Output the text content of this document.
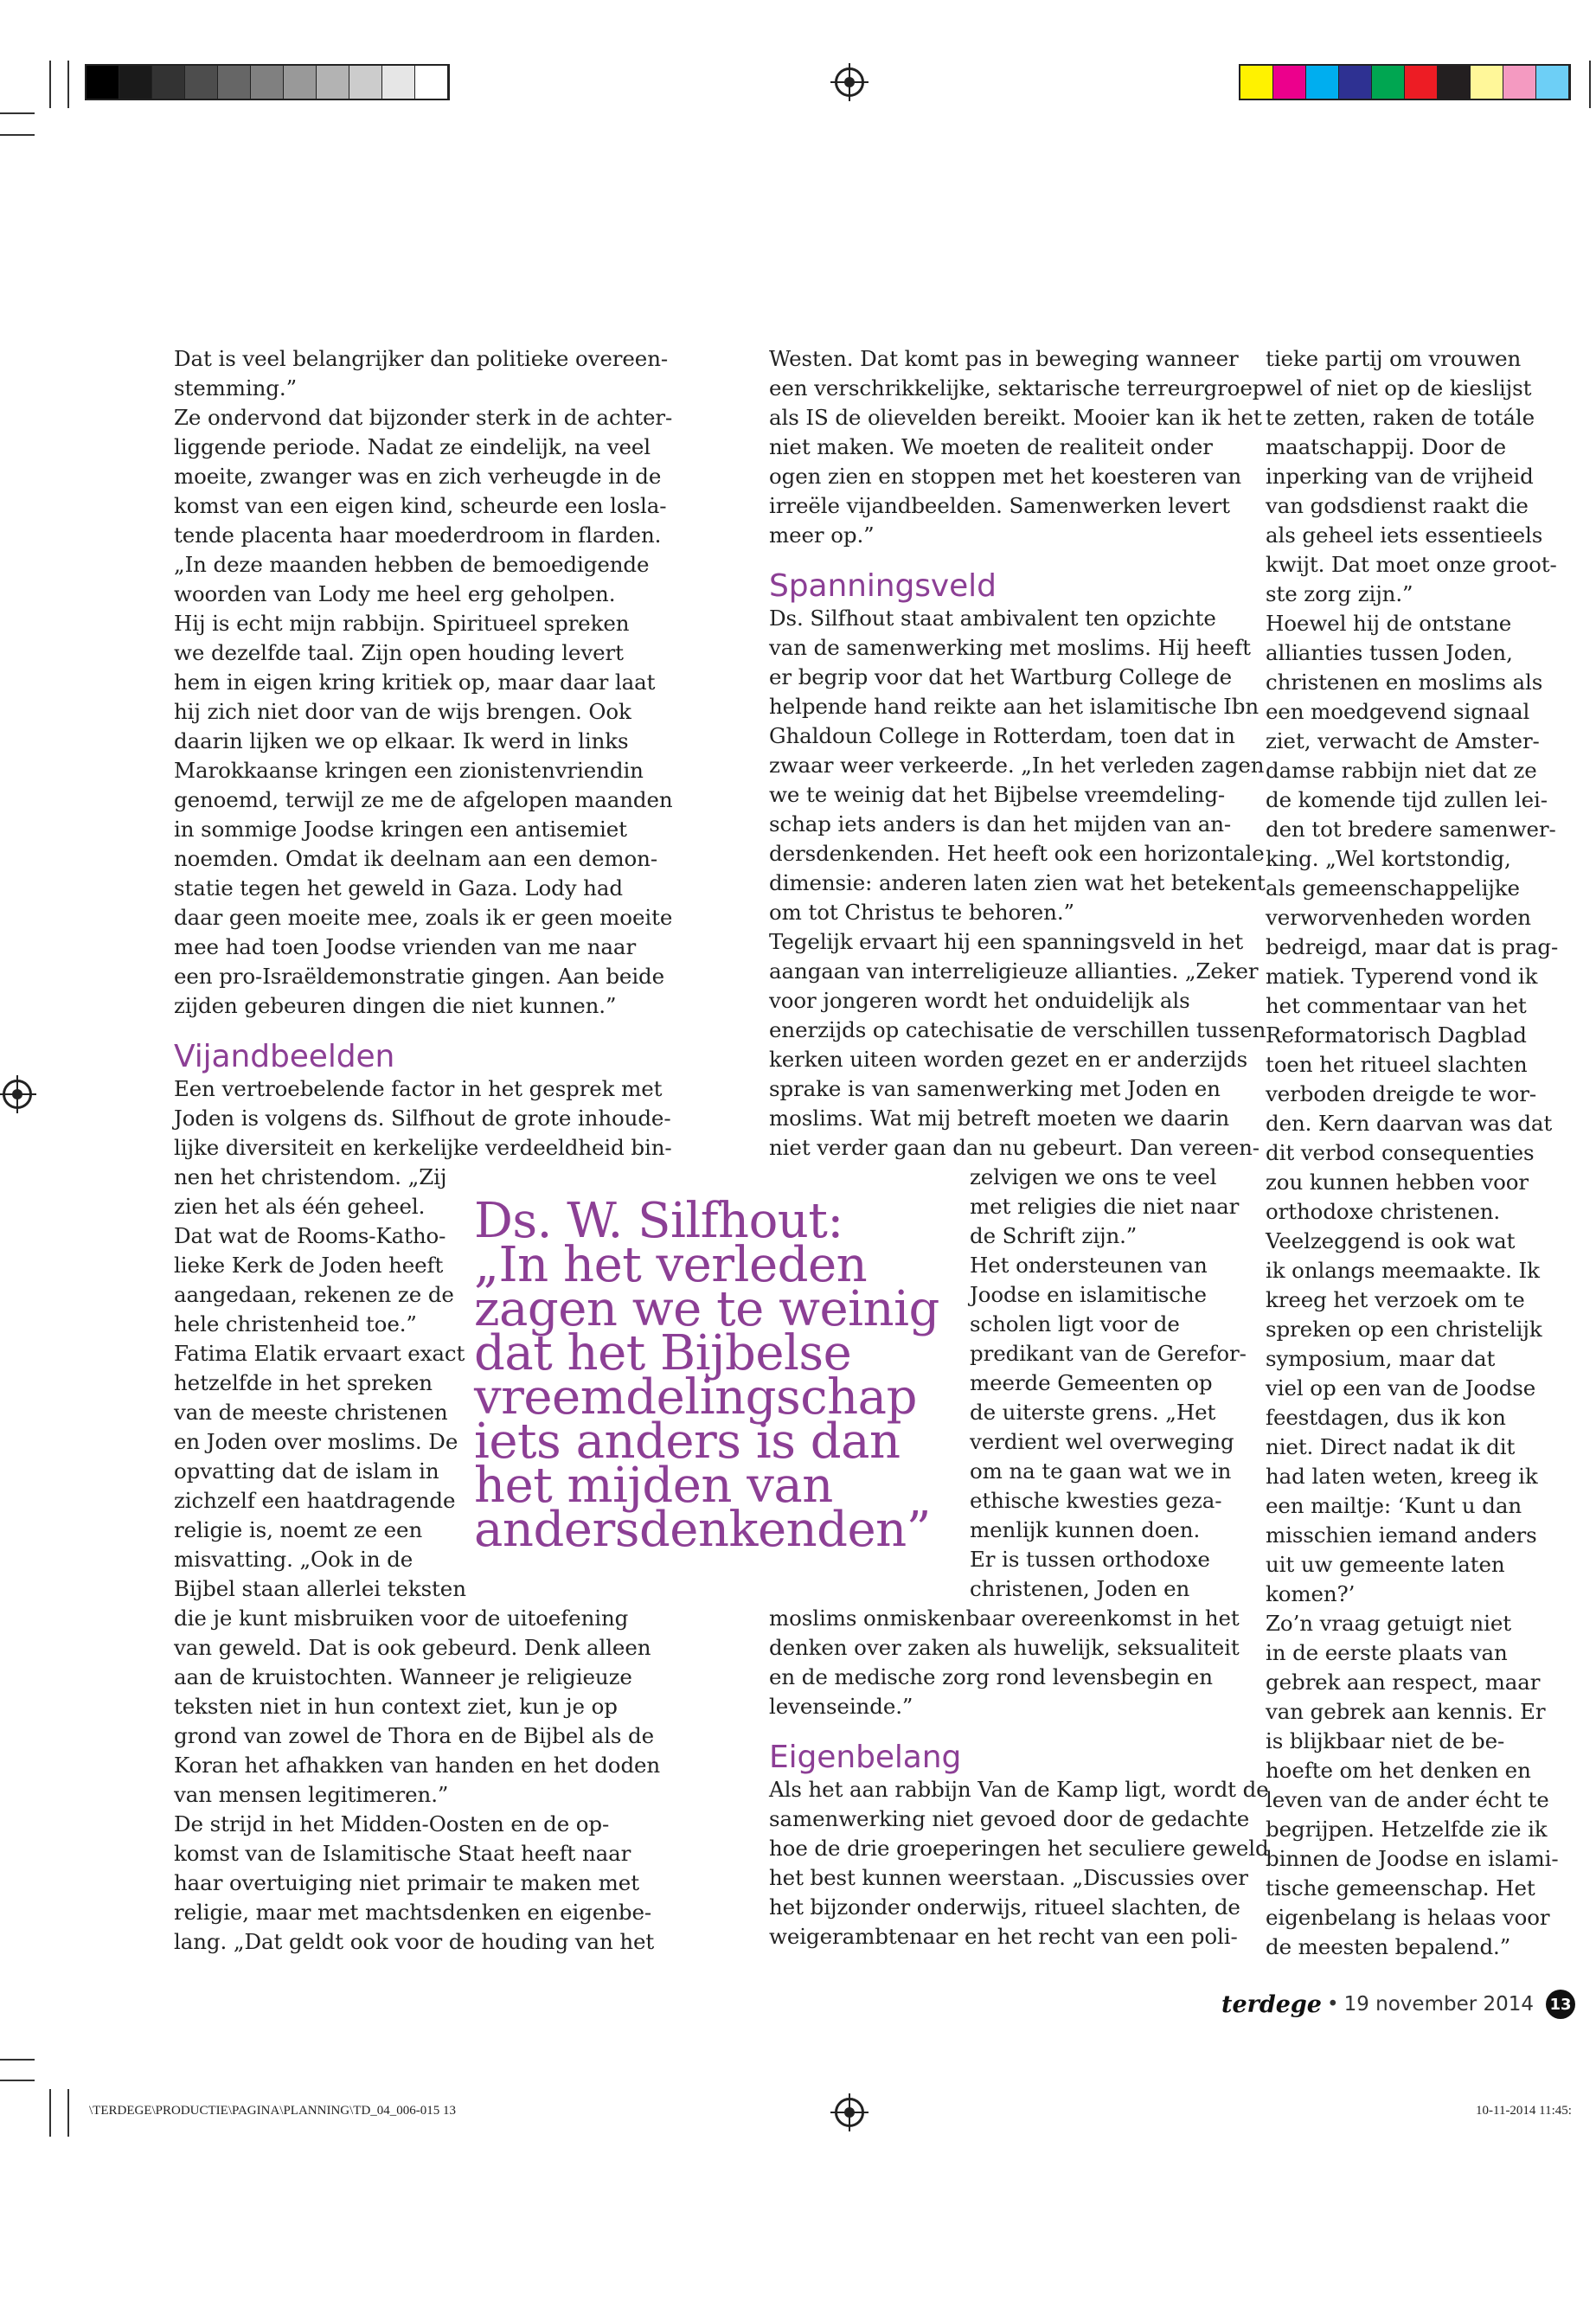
Dat is veel belangrijker dan politieke overeen-

stemming.”

Ze ondervond dat bijzonder sterk in de achter-

liggende periode. Nadat ze eindelijk, na veel

moeite, zwanger was en zich verheugde in de

komst van een eigen kind, scheurde een losla-

tende placenta haar moederdroom in flarden.

„In deze maanden hebben de bemoedigende

woorden van Lody me heel erg geholpen.

Hij is echt mijn rabbijn. Spiritueel spreken

we dezelfde taal. Zijn open houding levert

hem in eigen kring kritiek op, maar daar laat

hij zich niet door van de wijs brengen. Ook

daarin lijken we op elkaar. Ik werd in links

Marokkaanse kringen een zionistenvriendin

genoemd, terwijl ze me de afgelopen maanden

in sommige Joodse kringen een antisemiet

noemden. Omdat ik deelnam aan een demon-

statie tegen het geweld in Gaza. Lody had

daar geen moeite mee, zoals ik er geen moeite

mee had toen Joodse vrienden van me naar

een pro-Israëldemonstratie gingen. Aan beide

zijden gebeuren dingen die niet kunnen.”

Vijandbeelden

Een vertroebelende factor in het gesprek met

Joden is volgens ds. Silfhout de grote inhoude-

lijke diversiteit en kerkelijke verdeeldheid bin-

nen het christendom. „Zij

zien het als één geheel.

Dat wat de Rooms-Katho-

lieke Kerk de Joden heeft

aangedaan, rekenen ze de

hele christenheid toe.”

Fatima Elatik ervaart exact

hetzelfde in het spreken

van de meeste christenen

en Joden over moslims. De

opvatting dat de islam in

zichzelf een haatdragende

religie is, noemt ze een

misvatting. „Ook in de

Bijbel staan allerlei teksten

die je kunt misbruiken voor de uitoefening

van geweld. Dat is ook gebeurd. Denk alleen

aan de kruistochten. Wanneer je religieuze

teksten niet in hun context ziet, kun je op

grond van zowel de Thora en de Bijbel als de

Koran het afhakken van handen en het doden

van mensen legitimeren.”

De strijd in het Midden-Oosten en de op-

komst van de Islamitische Staat heeft naar

haar overtuiging niet primair te maken met

religie, maar met machtsdenken en eigenbe-

lang. „Dat geldt ook voor de houding van het

Westen. Dat komt pas in beweging wanneer

een verschrikkelijke, sektarische terreurgroep

als IS de olievelden bereikt. Mooier kan ik het

niet maken. We moeten de realiteit onder

ogen zien en stoppen met het koesteren van

irreële vijandbeelden. Samenwerken levert

meer op.”

Spanningsveld

Ds. Silfhout staat ambivalent ten opzichte

van de samenwerking met moslims. Hij heeft

er begrip voor dat het Wartburg College de

helpende hand reikte aan het islamitische Ibn

Ghaldoun College in Rotterdam, toen dat in

zwaar weer verkeerde. „In het verleden zagen

we te weinig dat het Bijbelse vreemdeling-

schap iets anders is dan het mijden van an-

dersdenkenden. Het heeft ook een horizontale

dimensie: anderen laten zien wat het betekent

om tot Christus te behoren.”

Tegelijk ervaart hij een spanningsveld in het

aangaan van interreligieuze allianties. „Zeker

voor jongeren wordt het onduidelijk als

enerzijds op catechisatie de verschillen tussen

kerken uiteen worden gezet en er anderzijds

sprake is van samenwerking met Joden en

moslims. Wat mij betreft moeten we daarin

niet verder gaan dan nu gebeurt. Dan vereen-

zelvigen we ons te veel

met religies die niet naar

de Schrift zijn.”

Het ondersteunen van

Joodse en islamitische

scholen ligt voor de

predikant van de Gerefor-

meerde Gemeenten op

de uiterste grens. „Het

verdient wel overweging

om na te gaan wat we in

ethische kwesties geza-

menlijk kunnen doen.

Er is tussen orthodoxe

christenen, Joden en

moslims onmiskenbaar overeenkomst in het

denken over zaken als huwelijk, seksualiteit

en de medische zorg rond levensbegin en

levenseinde.”

Eigenbelang

Als het aan rabbijn Van de Kamp ligt, wordt de

samenwerking niet gevoed door de gedachte

hoe de drie groeperingen het seculiere geweld

het best kunnen weerstaan. „Discussies over

het bijzonder onderwijs, ritueel slachten, de

weigerambtenaar en het recht van een poli-

tieke partij om vrouwen

wel of niet op de kieslijst

te zetten, raken de totále

maatschappij. Door de

inperking van de vrijheid

van godsdienst raakt die

als geheel iets essentieels

kwijt. Dat moet onze groot-

ste zorg zijn.”

Hoewel hij de ontstane

allianties tussen Joden,

christenen en moslims als

een moedgevend signaal

ziet, verwacht de Amster-

damse rabbijn niet dat ze

de komende tijd zullen lei-

den tot bredere samenwer-

king. „Wel kortstondig,

als gemeenschappelijke

verworvenheden worden

bedreigd, maar dat is prag-

matiek. Typerend vond ik

het commentaar van het

Reformatorisch Dagblad

toen het ritueel slachten

verboden dreigde te wor-

den. Kern daarvan was dat

dit verbod consequenties

zou kunnen hebben voor

orthodoxe christenen.

Veelzeggend is ook wat

ik onlangs meemaakte. Ik

kreeg het verzoek om te

spreken op een christelijk

symposium, maar dat

viel op een van de Joodse

feestdagen, dus ik kon

niet. Direct nadat ik dit

had laten weten, kreeg ik

een mailtje: ‘Kunt u dan

misschien iemand anders

uit uw gemeente laten

komen?’

Zo’n vraag getuigt niet

in de eerste plaats van

gebrek aan respect, maar

van gebrek aan kennis. Er

is blijkbaar niet de be-

hoefte om het denken en

leven van de ander écht te

begrijpen. Hetzelfde zie ik

binnen de Joodse en islami-

tische gemeenschap. Het

eigenbelang is helaas voor

de meesten bepalend.”

Ds. W. Silfhout:

„In het verleden

zagen we te weinig

dat het Bijbelse

vreemdelingschap

iets anders is dan

het mijden van

andersdenkenden”

terdege • 19 november 2014 13
\TERDEGE\PRODUCTIE\PAGINA\PLANNING\TD_04_006-015 13	10-11-2014 11:45:
